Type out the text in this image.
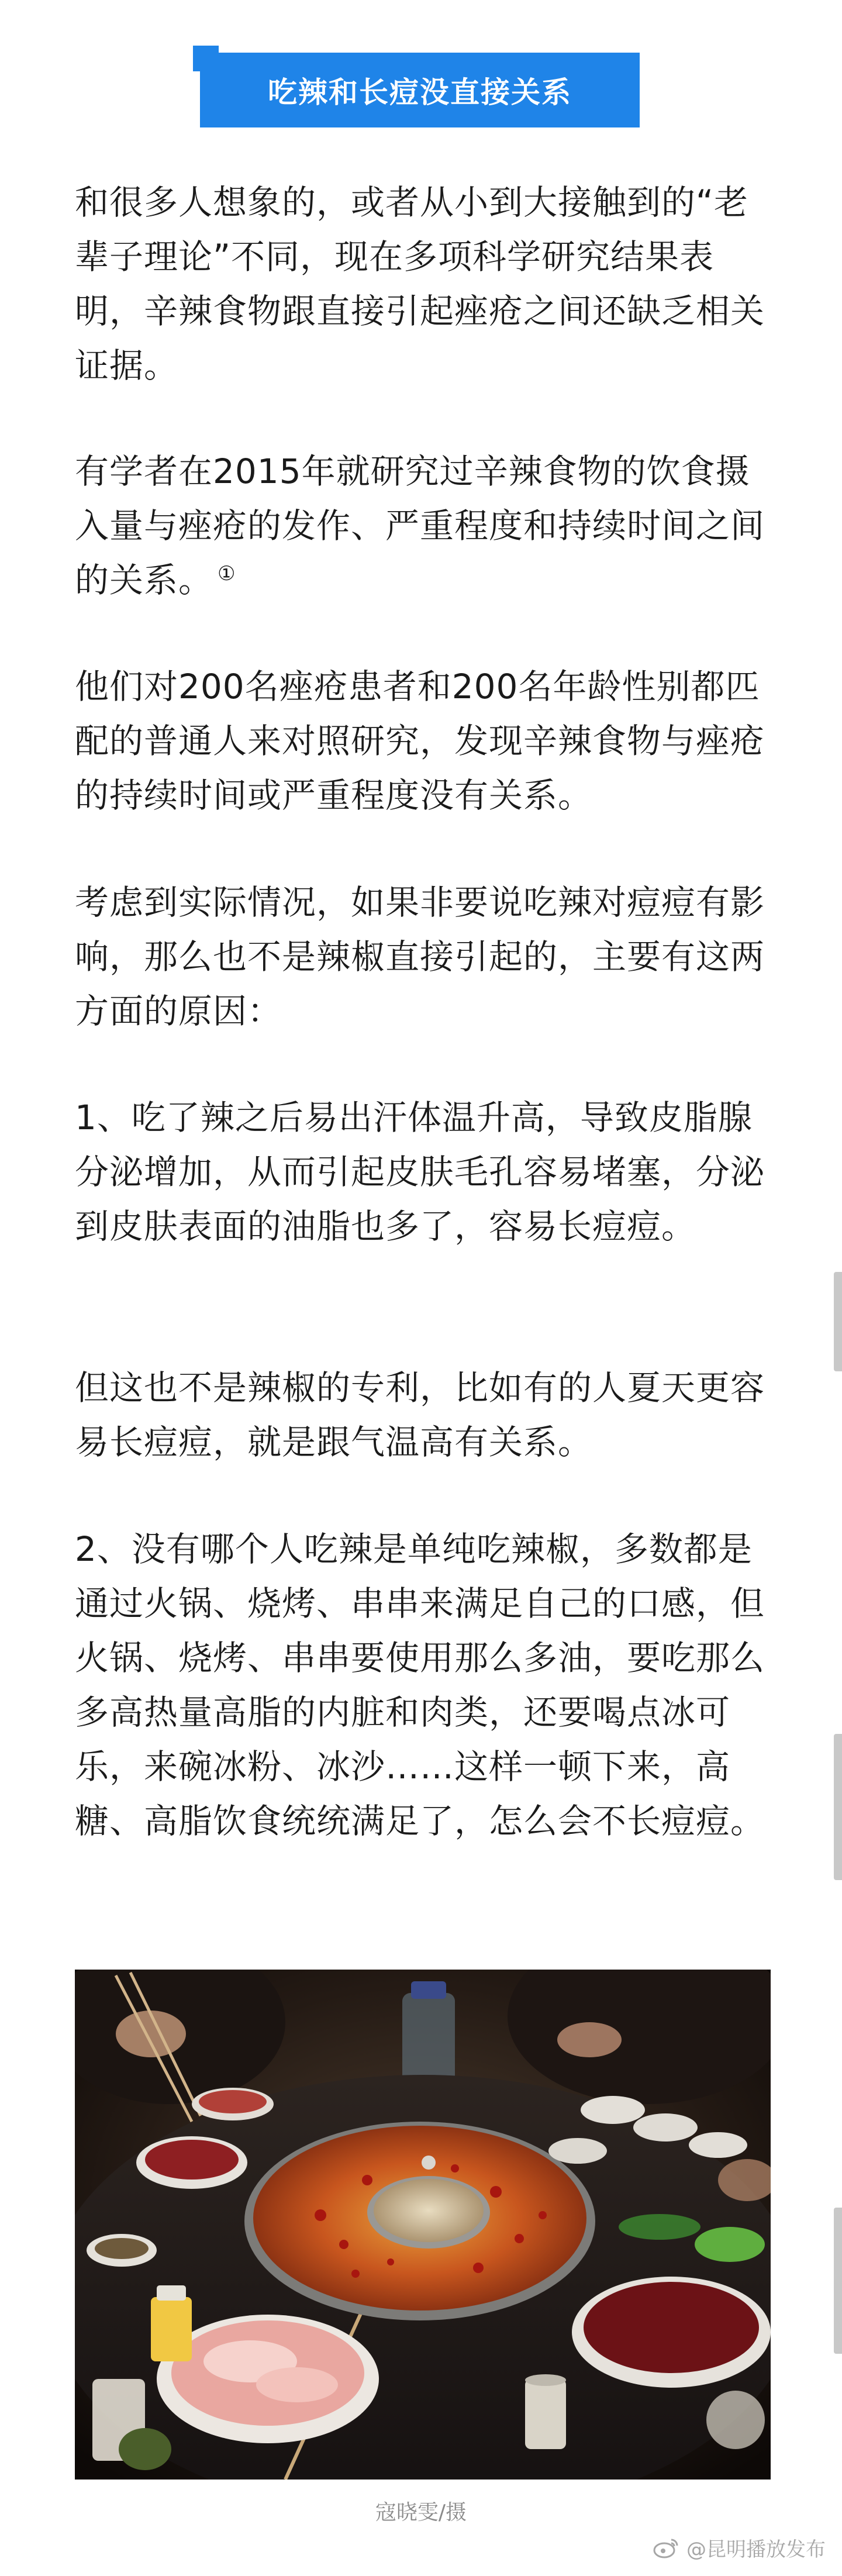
吃辣和长痘没直接关系

和很多人想象的，或者从小到大接触到的“老辈子理论”不同，现在多项科学研究结果表明，辛辣食物跟直接引起痤疮之间还缺乏相关证据。

有学者在2015年就研究过辛辣食物的饮食摄入量与痤疮的发作、严重程度和持续时间之间的关系。 ①

他们对200名痤疮患者和200名年龄性别都匹配的普通人来对照研究，发现辛辣食物与痤疮的持续时间或严重程度没有关系。

考虑到实际情况，如果非要说吃辣对痘痘有影响，那么也不是辣椒直接引起的，主要有这两方面的原因：

1、吃了辣之后易出汗体温升高，导致皮脂腺分泌增加，从而引起皮肤毛孔容易堵塞，分泌到皮肤表面的油脂也多了，容易长痘痘。

但这也不是辣椒的专利，比如有的人夏天更容易长痘痘，就是跟气温高有关系。

2、没有哪个人吃辣是单纯吃辣椒，多数都是通过火锅、烧烤、串串来满足自己的口感，但火锅、烧烤、串串要使用那么多油，要吃那么多高热量高脂的内脏和肉类，还要喝点冰可乐，来碗冰粉、冰沙……这样一顿下来，高糖、高脂饮食统统满足了，怎么会不长痘痘。

寇晓雯/摄
@昆明播放发布
